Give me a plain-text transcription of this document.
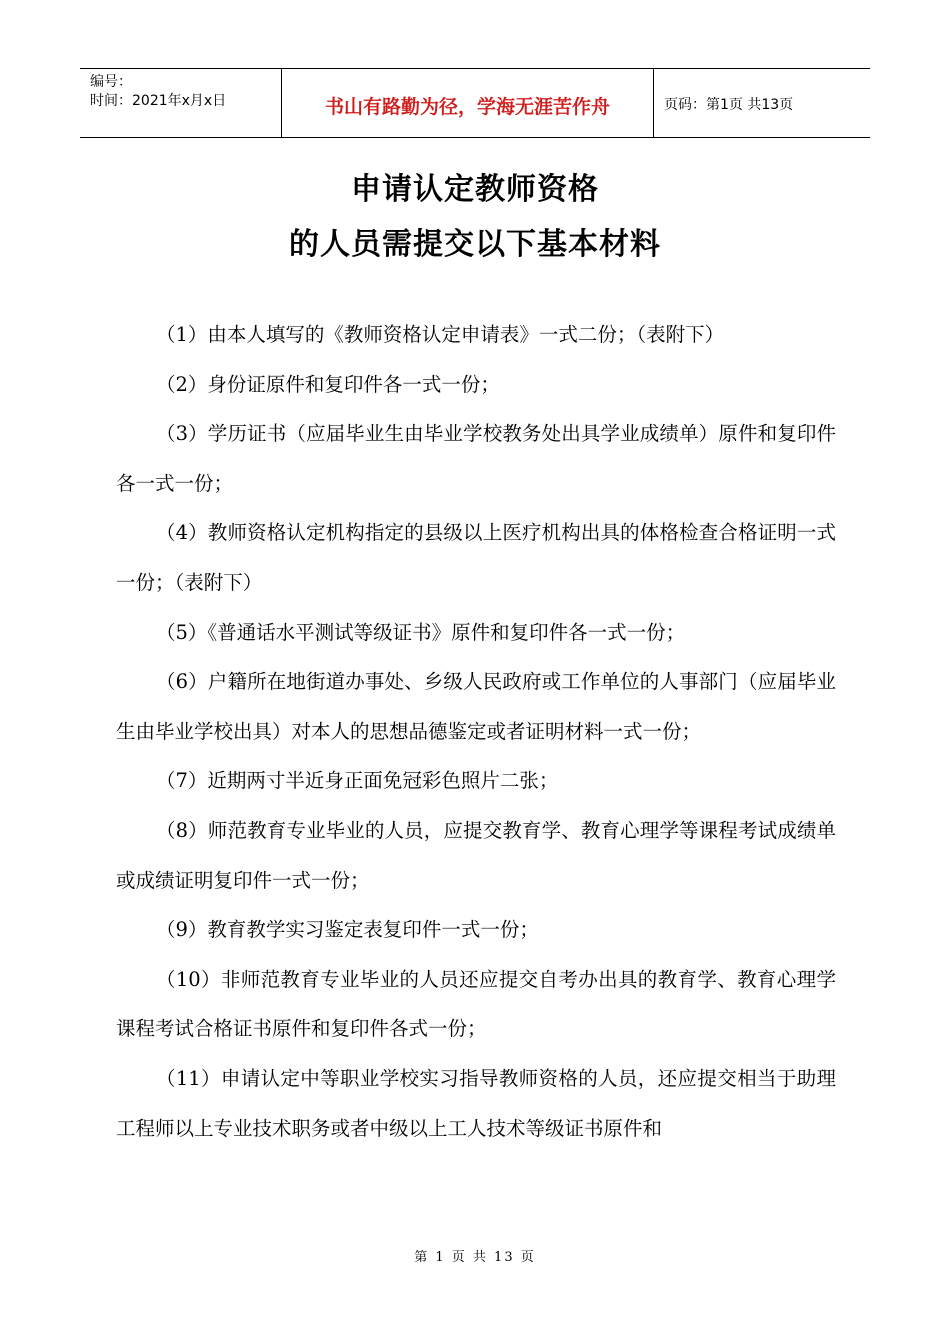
编号：
时间：2021年x月x日	书山有路勤为径，学海无涯苦作舟	页码：第1页 共13页
申请认定教师资格
的人员需提交以下基本材料

（1）由本人填写的《教师资格认定申请表》一式二份；（表附下）

（2）身份证原件和复印件各一式一份；

（3）学历证书（应届毕业生由毕业学校教务处出具学业成绩单）原件和复印件各一式一份；

（4）教师资格认定机构指定的县级以上医疗机构出具的体格检查合格证明一式一份；（表附下）

（5）《普通话水平测试等级证书》原件和复印件各一式一份；

（6）户籍所在地街道办事处、乡级人民政府或工作单位的人事部门（应届毕业生由毕业学校出具）对本人的思想品德鉴定或者证明材料一式一份；

（7）近期两寸半近身正面免冠彩色照片二张；

（8）师范教育专业毕业的人员，应提交教育学、教育心理学等课程考试成绩单或成绩证明复印件一式一份；

（9）教育教学实习鉴定表复印件一式一份；

（10）非师范教育专业毕业的人员还应提交自考办出具的教育学、教育心理学课程考试合格证书原件和复印件各式一份；

（11）申请认定中等职业学校实习指导教师资格的人员，还应提交相当于助理工程师以上专业技术职务或者中级以上工人技术等级证书原件和

第 1 页 共 13 页
